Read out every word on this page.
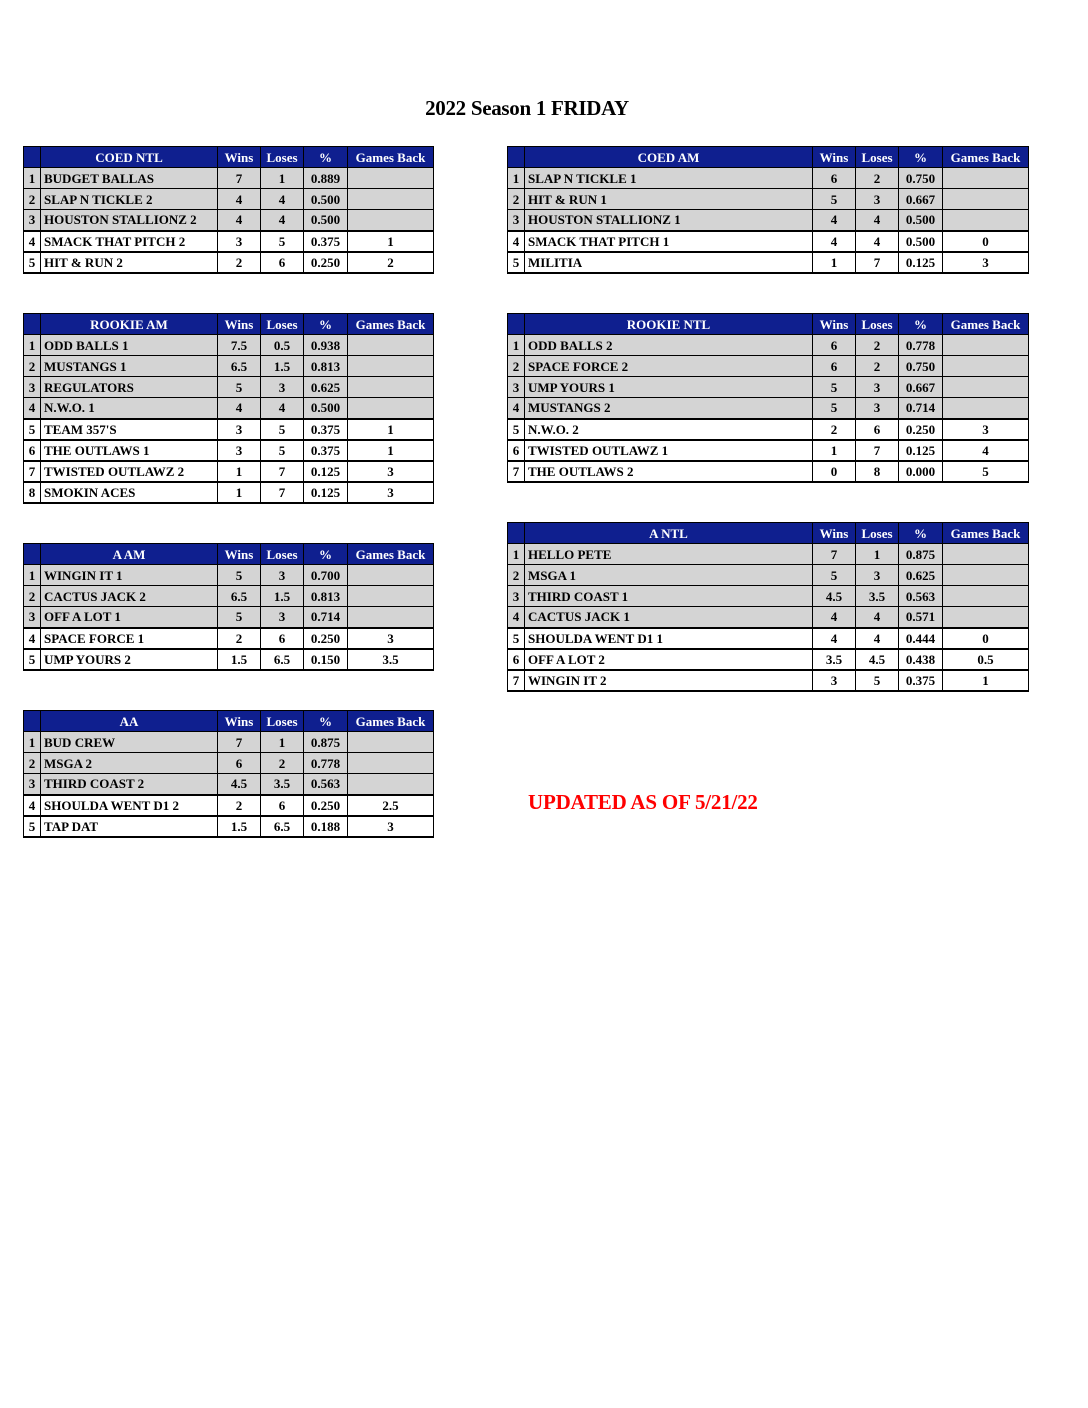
2022 Season 1 FRIDAY
	COED NTL	Wins	Loses	%	Games Back
1	BUDGET BALLAS	7	1	0.889	
2	SLAP N TICKLE 2	4	4	0.500	
3	HOUSTON STALLIONZ 2	4	4	0.500	
4	SMACK THAT PITCH 2	3	5	0.375	1
5	HIT & RUN 2	2	6	0.250	2
	ROOKIE AM	Wins	Loses	%	Games Back
1	ODD BALLS 1	7.5	0.5	0.938	
2	MUSTANGS 1	6.5	1.5	0.813	
3	REGULATORS	5	3	0.625	
4	N.W.O. 1	4	4	0.500	
5	TEAM 357'S	3	5	0.375	1
6	THE OUTLAWS 1	3	5	0.375	1
7	TWISTED OUTLAWZ 2	1	7	0.125	3
8	SMOKIN ACES	1	7	0.125	3
	A AM	Wins	Loses	%	Games Back
1	WINGIN IT 1	5	3	0.700	
2	CACTUS JACK 2	6.5	1.5	0.813	
3	OFF A LOT 1	5	3	0.714	
4	SPACE FORCE 1	2	6	0.250	3
5	UMP YOURS 2	1.5	6.5	0.150	3.5
	AA	Wins	Loses	%	Games Back
1	BUD CREW	7	1	0.875	
2	MSGA 2	6	2	0.778	
3	THIRD COAST 2	4.5	3.5	0.563	
4	SHOULDA WENT D1 2	2	6	0.250	2.5
5	TAP DAT	1.5	6.5	0.188	3
	COED AM	Wins	Loses	%	Games Back
1	SLAP N TICKLE 1	6	2	0.750	
2	HIT & RUN 1	5	3	0.667	
3	HOUSTON STALLIONZ 1	4	4	0.500	
4	SMACK THAT PITCH 1	4	4	0.500	0
5	MILITIA	1	7	0.125	3
	ROOKIE NTL	Wins	Loses	%	Games Back
1	ODD BALLS 2	6	2	0.778	
2	SPACE FORCE 2	6	2	0.750	
3	UMP YOURS 1	5	3	0.667	
4	MUSTANGS 2	5	3	0.714	
5	N.W.O. 2	2	6	0.250	3
6	TWISTED OUTLAWZ 1	1	7	0.125	4
7	THE OUTLAWS 2	0	8	0.000	5
	A NTL	Wins	Loses	%	Games Back
1	HELLO PETE	7	1	0.875	
2	MSGA 1	5	3	0.625	
3	THIRD COAST 1	4.5	3.5	0.563	
4	CACTUS JACK 1	4	4	0.571	
5	SHOULDA WENT D1 1	4	4	0.444	0
6	OFF A LOT 2	3.5	4.5	0.438	0.5
7	WINGIN IT 2	3	5	0.375	1
UPDATED AS OF 5/21/22
